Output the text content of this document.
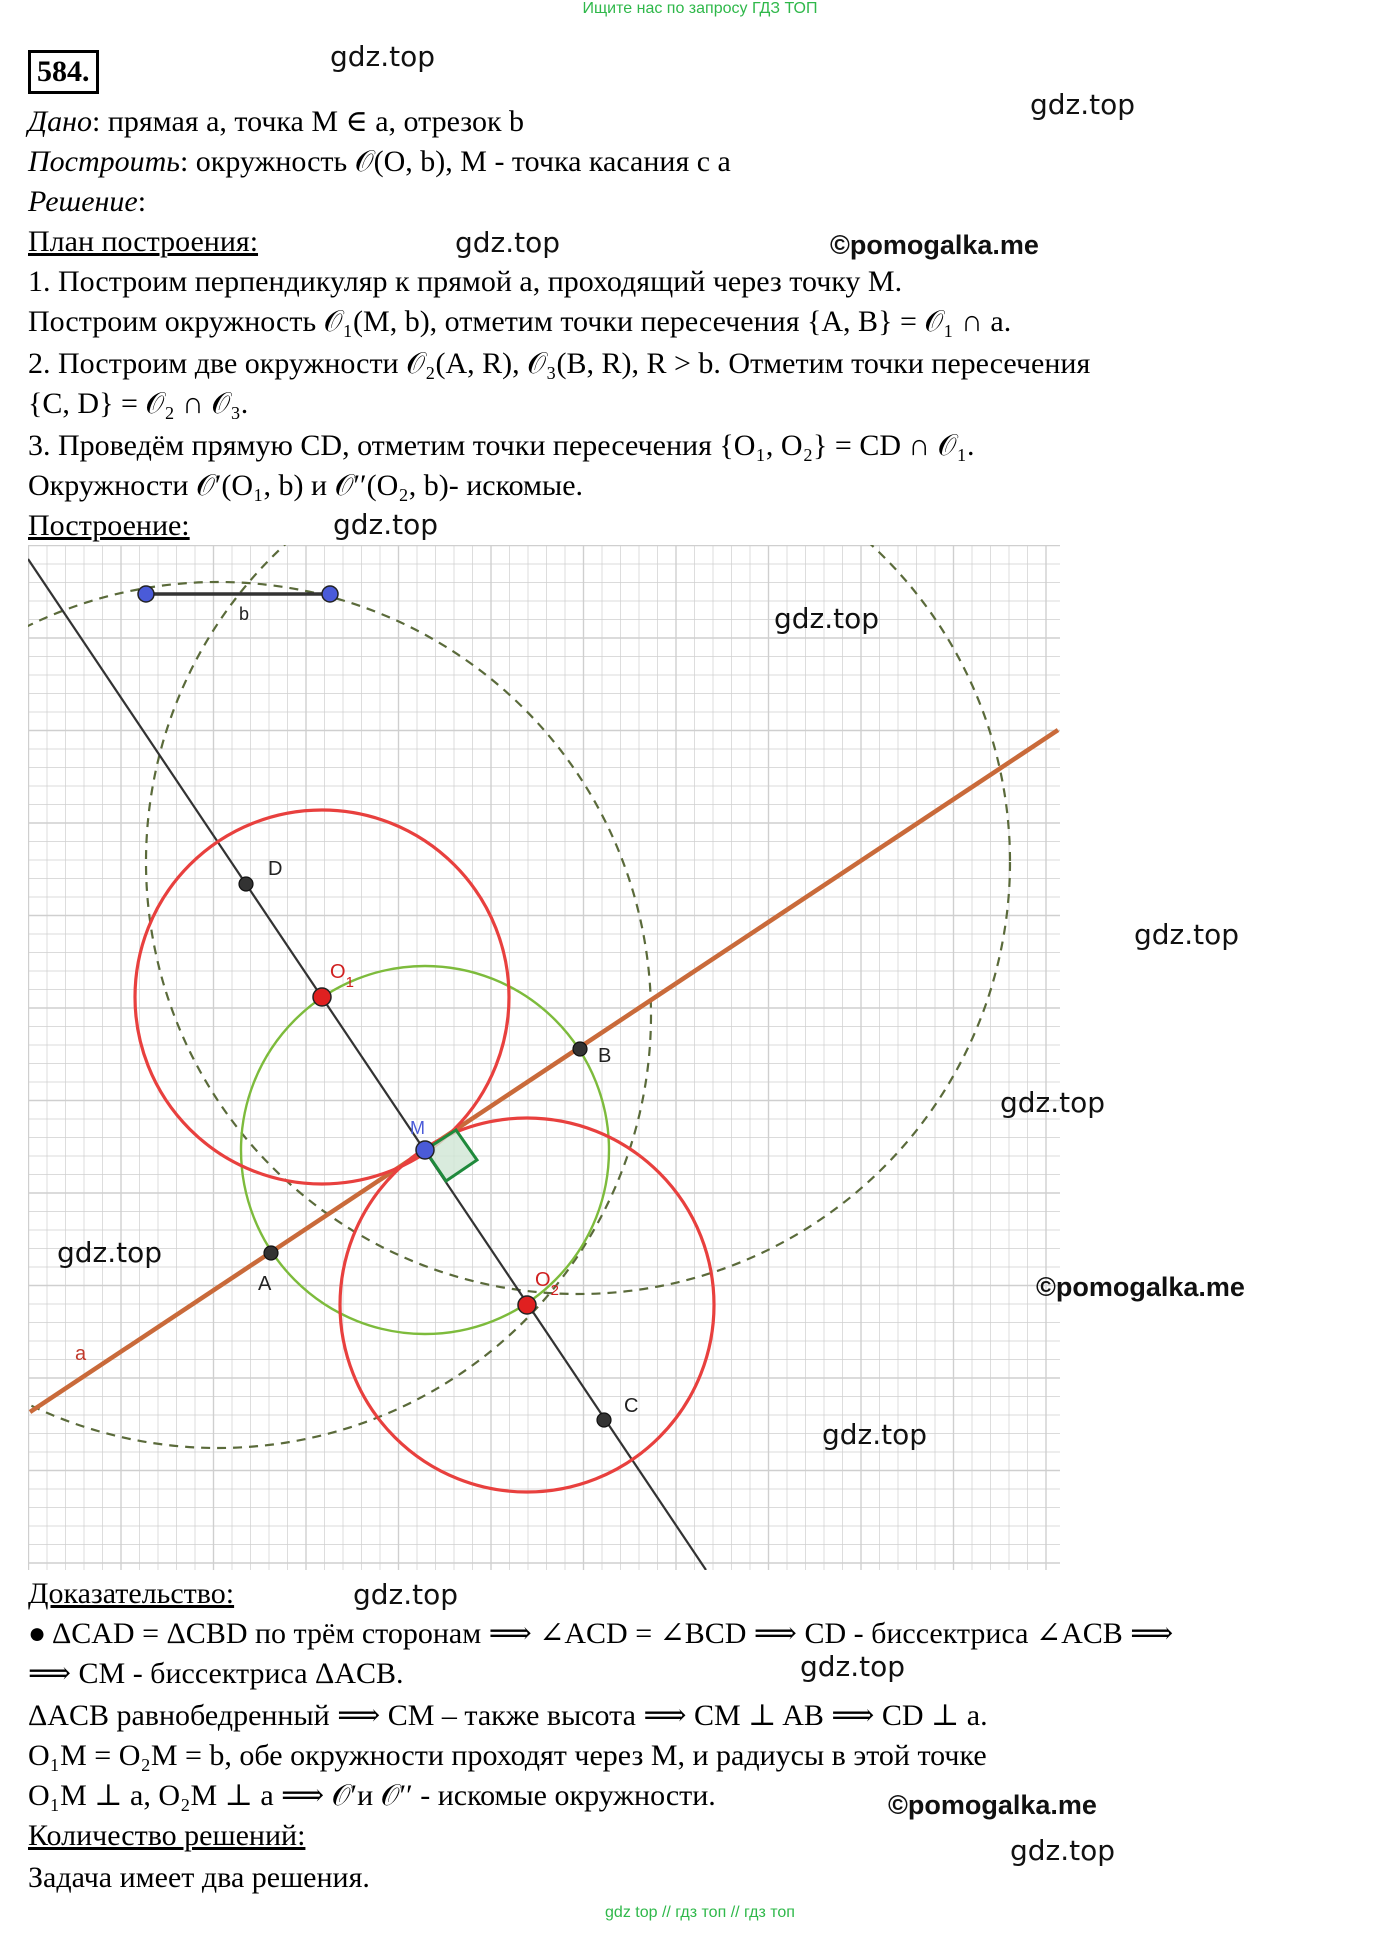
Ищите нас по запросу ГДЗ ТОП
584.	gdz.top
gdz.top
gdz.top	©pomogalka.me
gdz.top
Дано: прямая a, точка M ∈ a, отрезок b
Построить: окружность 𝒪(O, b), M - точка касания с a
Решение:
План построения:
1. Построим перпендикуляр к прямой a, проходящий через точку M.
Построим окружность 𝒪₁(M, b), отметим точки пересечения {A, B} = 𝒪₁ ∩ a.
2. Построим две окружности 𝒪₂(A, R), 𝒪₃(B, R), R > b. Отметим точки пересечения
{C, D} = 𝒪₂ ∩ 𝒪₃.
3. Проведём прямую CD, отметим точки пересечения {O₁, O₂} = CD ∩ 𝒪₁.
Окружности 𝒪′(O₁, b) и 𝒪′′(O₂, b)- искомые.
Построение:
b
D
$O_1$
B
M
A	$O_2$
a
C
gdz.top
gdz.top
gdz.top
gdz.top
©pomogalka.me
gdz.top
Доказательство:	gdz.top
● ΔCAD = ΔCBD по трём сторонам ⟹ ∠ACD = ∠BCD ⟹ CD - биссектриса ∠ACB ⟹
⟹ CM - биссектриса ΔACB.	gdz.top
ΔACB равнобедренный ⟹ CM – также высота ⟹ CM ⊥ AB ⟹ CD ⊥ a.
O₁M = O₂M = b, обе окружности проходят через M, и радиусы в этой точке
O₁M ⊥ a, O₂M ⊥ a ⟹ 𝒪′и 𝒪′′ - искомые окружности.	©pomogalka.me
Количество решений:	gdz.top
Задача имеет два решения.
gdz top // гдз топ // гдз топ
